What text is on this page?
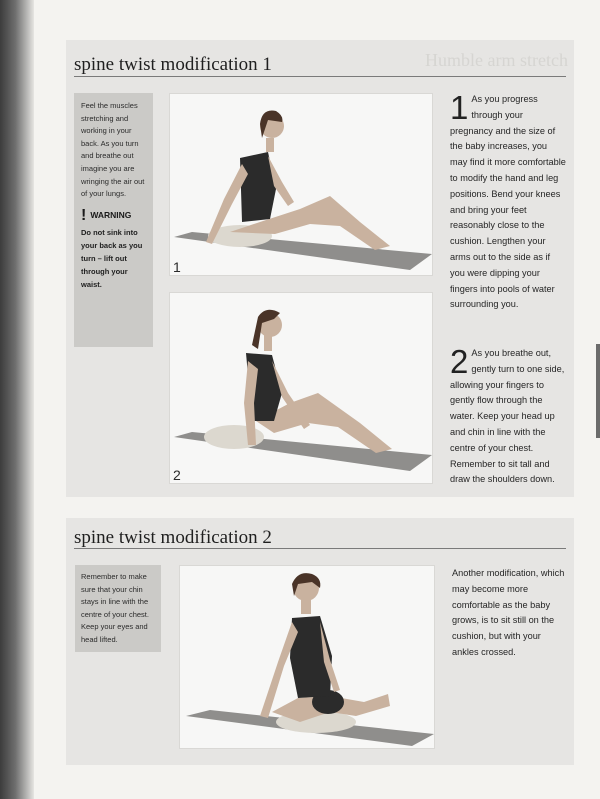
Humble arm stretch
spine twist modification 1
Feel the muscles stretching and working in your back. As you turn and breathe out imagine you are wringing the air out of your lungs.
! WARNING
Do not sink into your back as you turn – lift out through your waist.
1
2
1 As you progress through your pregnancy and the size of the baby increases, you may find it more comfortable to modify the hand and leg positions. Bend your knees and bring your feet reasonably close to the cushion. Lengthen your arms out to the side as if you were dipping your fingers into pools of water surrounding you.
2 As you breathe out, gently turn to one side, allowing your fingers to gently flow through the water. Keep your head up and chin in line with the centre of your chest. Remember to sit tall and draw the shoulders down.
spine twist modification 2
Remember to make sure that your chin stays in line with the centre of your chest. Keep your eyes and head lifted.
Another modification, which may become more comfortable as the baby grows, is to sit still on the cushion, but with your ankles crossed.
